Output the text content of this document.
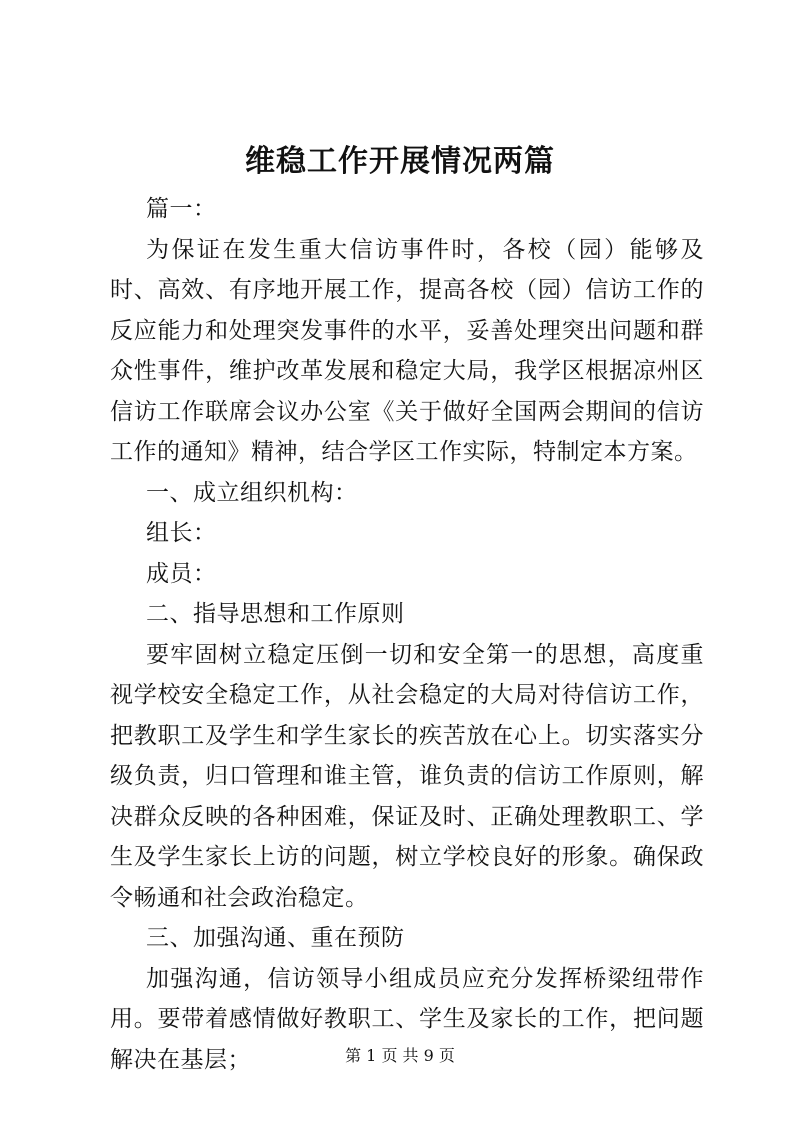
维稳工作开展情况两篇

篇一：

为保证在发生重大信访事件时，各校（园）能够及时、高效、有序地开展工作，提高各校（园）信访工作的反应能力和处理突发事件的水平，妥善处理突出问题和群众性事件，维护改革发展和稳定大局，我学区根据凉州区信访工作联席会议办公室《关于做好全国两会期间的信访工作的通知》精神，结合学区工作实际，特制定本方案。

一、成立组织机构：

组长：

成员：

二、指导思想和工作原则

要牢固树立稳定压倒一切和安全第一的思想，高度重视学校安全稳定工作，从社会稳定的大局对待信访工作，把教职工及学生和学生家长的疾苦放在心上。切实落实分级负责，归口管理和谁主管，谁负责的信访工作原则，解决群众反映的各种困难，保证及时、正确处理教职工、学生及学生家长上访的问题，树立学校良好的形象。确保政令畅通和社会政治稳定。

三、加强沟通、重在预防

加强沟通，信访领导小组成员应充分发挥桥梁纽带作用。要带着感情做好教职工、学生及家长的工作，把问题解决在基层；	第 1 页 共 9 页
